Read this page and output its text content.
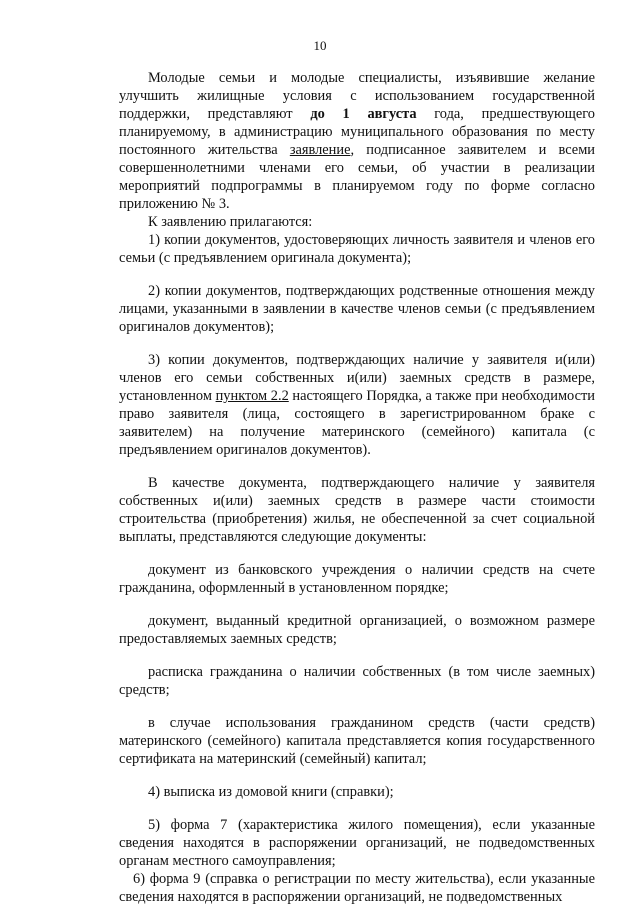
10

Молодые семьи и молодые специалисты, изъявившие желание улучшить жилищные условия с использованием государственной поддержки, представляют до 1 августа года, предшествующего планируемому, в администрацию муниципального образования по месту постоянного жительства заявление, подписанное заявителем и всеми совершеннолетними членами его семьи, об участии в реализации мероприятий подпрограммы в планируемом году по форме согласно приложению № 3.

К заявлению прилагаются:

1) копии документов, удостоверяющих личность заявителя и членов его семьи (с предъявлением оригинала документа);

2) копии документов, подтверждающих родственные отношения между лицами, указанными в заявлении в качестве членов семьи (с предъявлением оригиналов документов);

3) копии документов, подтверждающих наличие у заявителя и(или) членов его семьи собственных и(или) заемных средств в размере, установленном пунктом 2.2 настоящего Порядка, а также при необходимости право заявителя (лица, состоящего в зарегистрированном браке с заявителем) на получение материнского (семейного) капитала (с предъявлением оригиналов документов).

В качестве документа, подтверждающего наличие у заявителя собственных и(или) заемных средств в размере части стоимости строительства (приобретения) жилья, не обеспеченной за счет социальной выплаты, представляются следующие документы:

документ из банковского учреждения о наличии средств на счете гражданина, оформленный в установленном порядке;

документ, выданный кредитной организацией, о возможном размере предоставляемых заемных средств;

расписка гражданина о наличии собственных (в том числе заемных) средств;

в случае использования гражданином средств (части средств) материнского (семейного) капитала представляется копия государственного сертификата на материнский (семейный) капитал;

4) выписка из домовой книги (справки);

5) форма 7 (характеристика жилого помещения), если указанные сведения находятся в распоряжении организаций, не подведомственных органам местного самоуправления;

6) форма 9 (справка о регистрации по месту жительства), если указанные сведения находятся в распоряжении организаций, не подведомственных
